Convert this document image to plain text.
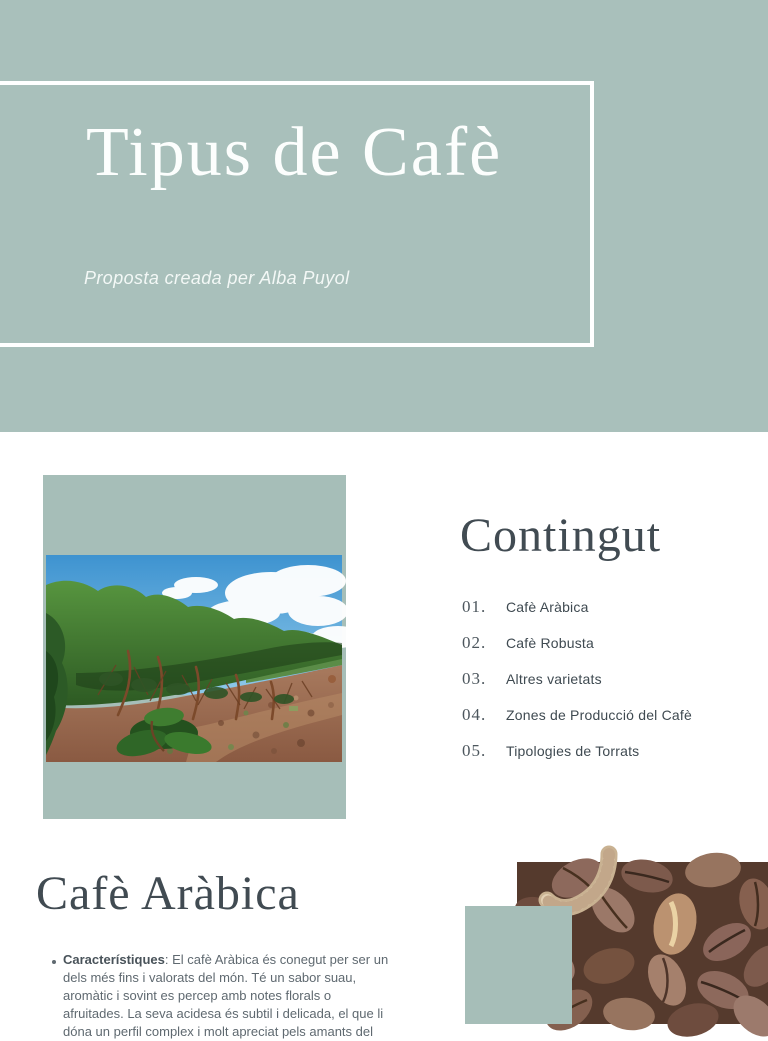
Tipus de Cafè

Proposta creada per Alba Puyol

Contingut
01.	Cafè Aràbica
02.	Cafè Robusta
03.	Altres varietats
04.	Zones de Producció del Cafè
05.	Tipologies de Torrats
Cafè Aràbica
Característiques: El cafè Aràbica és conegut per ser un
dels més fins i valorats del món. Té un sabor suau,
aromàtic i sovint es percep amb notes florals o
afruitades. La seva acidesa és subtil i delicada, el que li
dóna un perfil complex i molt apreciat pels amants del
